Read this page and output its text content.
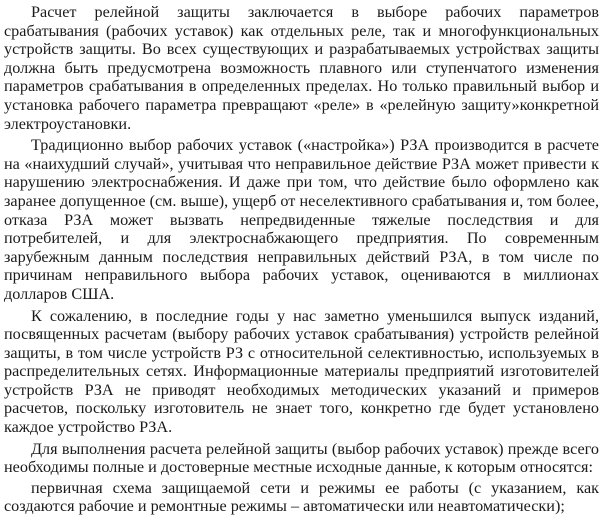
Расчет релейной защиты заключается в выборе рабочих параметров срабатывания (рабочих уставок) как отдельных реле, так и многофункциональных устройств защиты. Во всех существующих и разрабатываемых устройствах защиты должна быть предусмотрена возможность плавного или ступенчатого изменения параметров срабатывания в определенных пределах. Но только правильный выбор и установка рабочего параметра превращают «реле» в «релейную защиту»конкретной электроустановки.

Традиционно выбор рабочих уставок («настройка») РЗА производится в расчете на «наихудший случай», учитывая что неправильное действие РЗА может привести к нарушению электроснабжения. И даже при том, что действие было оформлено как заранее допущенное (см. выше), ущерб от неселективного срабатывания и, том более, отказа РЗА может вызвать непредвиденные тяжелые последствия и для потребителей, и для электроснабжающего предприятия. По современным зарубежным данным последствия неправильных действий РЗА, в том числе по причинам неправильного выбора рабочих уставок, оцениваются в миллионах долларов США.

К сожалению, в последние годы у нас заметно уменьшился выпуск изданий, посвященных расчетам (выбору рабочих уставок срабатывания) устройств релейной защиты, в том числе устройств РЗ с относительной селективностью, используемых в распределительных сетях. Информационные материалы предприятий изготовителей устройств РЗА не приводят необходимых методических указаний и примеров расчетов, поскольку изготовитель не знает того, конкретно где будет установлено каждое устройство РЗА.

Для выполнения расчета релейной защиты (выбор рабочих уставок) прежде всего необходимы полные и достоверные местные исходные данные, к которым относятся:

первичная схема защищаемой сети и режимы ее работы (с указанием, как создаются рабочие и ремонтные режимы – автоматически или неавтоматически);
